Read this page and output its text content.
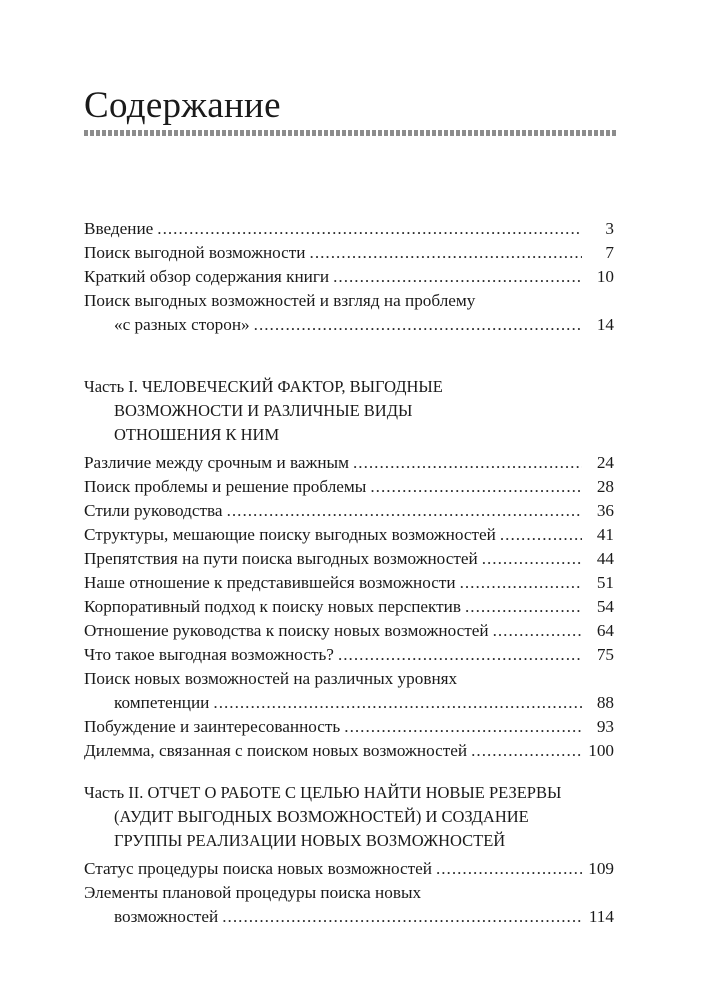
Содержание
Введение .....	3
Поиск выгодной возможности .....	7
Краткий обзор содержания книги .....	10
Поиск выгодных возможностей и взгляд на проблему
«с разных сторон» .....	14
Часть I. ЧЕЛОВЕЧЕСКИЙ ФАКТОР, ВЫГОДНЫЕ
ВОЗМОЖНОСТИ И РАЗЛИЧНЫЕ ВИДЫ
ОТНОШЕНИЯ К НИМ
Различие между срочным и важным .....	24
Поиск проблемы и решение проблемы .....	28
Стили руководства .....	36
Структуры, мешающие поиску выгодных возможностей .....	41
Препятствия на пути поиска выгодных возможностей .....	44
Наше отношение к представившейся возможности .....	51
Корпоративный подход к поиску новых перспектив .....	54
Отношение руководства к поиску новых возможностей .....	64
Что такое выгодная возможность? .....	75
Поиск новых возможностей на различных уровнях
компетенции .....	88
Побуждение и заинтересованность .....	93
Дилемма, связанная с поиском новых возможностей .....	100
Часть II. ОТЧЕТ О РАБОТЕ С ЦЕЛЬЮ НАЙТИ НОВЫЕ РЕЗЕРВЫ
(АУДИТ ВЫГОДНЫХ ВОЗМОЖНОСТЕЙ) И СОЗДАНИЕ
ГРУППЫ РЕАЛИЗАЦИИ НОВЫХ ВОЗМОЖНОСТЕЙ
Статус процедуры поиска новых возможностей .....	109
Элементы плановой процедуры поиска новых
возможностей .....	114
